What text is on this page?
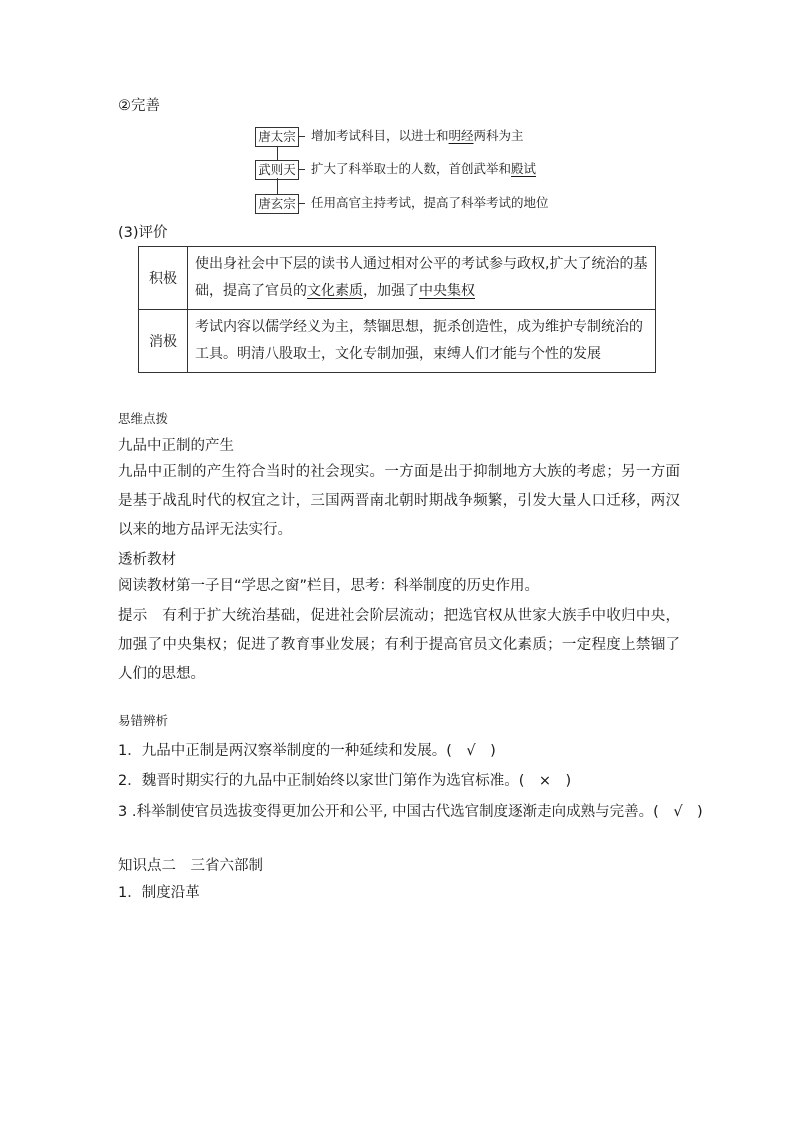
②完善
唐太宗 增加考试科目，以进士和明经两科为主
武则天 扩大了科举取士的人数，首创武举和殿试
唐玄宗 任用高官主持考试，提高了科举考试的地位
(3)评价
积极	使出身社会中下层的读书人通过相对公平的考试参与政权,扩大了统治的基础，提高了官员的文化素质，加强了中央集权
消极	考试内容以儒学经义为主，禁锢思想，扼杀创造性，成为维护专制统治的工具。明清八股取士，文化专制加强，束缚人们才能与个性的发展
思维点拨
九品中正制的产生
九品中正制的产生符合当时的社会现实。一方面是出于抑制地方大族的考虑；另一方面是基于战乱时代的权宜之计，三国两晋南北朝时期战争频繁，引发大量人口迁移，两汉以来的地方品评无法实行。
透析教材
阅读教材第一子目“学思之窗”栏目，思考：科举制度的历史作用。
提示　 有利于扩大统治基础，促进社会阶层流动；把选官权从世家大族手中收归中央，加强了中央集权；促进了教育事业发展；有利于提高官员文化素质；一定程度上禁锢了人们的思想。
易错辨析
1．九品中正制是两汉察举制度的一种延续和发展。(　√　)
2．魏晋时期实行的九品中正制始终以家世门第作为选官标准。(　×　)
3 .科举制使官员选拔变得更加公开和公平, 中国古代选官制度逐渐走向成熟与完善。(　√　)
知识点二　三省六部制
1．制度沿革
